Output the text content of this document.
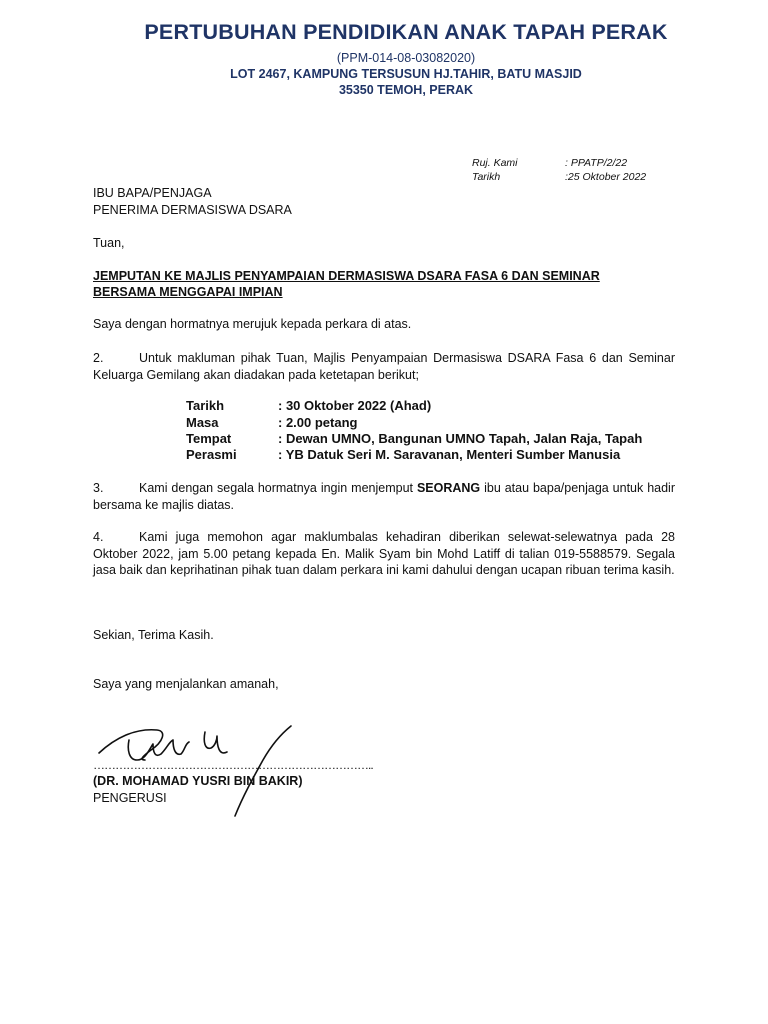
PERTUBUHAN PENDIDIKAN ANAK TAPAH PERAK
(PPM-014-08-03082020)
LOT 2467, KAMPUNG TERSUSUN HJ.TAHIR, BATU MASJID
35350 TEMOH, PERAK
Ruj. Kami	: PPATP/2/22
Tarikh	:25 Oktober 2022
IBU BAPA/PENJAGA
PENERIMA DERMASISWA DSARA
Tuan,
JEMPUTAN KE MAJLIS PENYAMPAIAN DERMASISWA DSARA FASA 6 DAN SEMINAR BERSAMA MENGGAPAI IMPIAN
Saya dengan hormatnya merujuk kepada perkara di atas.
2.	Untuk makluman pihak Tuan, Majlis Penyampaian Dermasiswa DSARA Fasa 6 dan Seminar Keluarga Gemilang akan diadakan pada ketetapan berikut;
Tarikh	: 30 Oktober 2022 (Ahad)
Masa	: 2.00 petang
Tempat	: Dewan UMNO, Bangunan UMNO Tapah, Jalan Raja, Tapah
Perasmi	: YB Datuk Seri M. Saravanan, Menteri Sumber Manusia
3.	Kami dengan segala hormatnya ingin menjemput SEORANG ibu atau bapa/penjaga untuk hadir bersama ke majlis diatas.
4.	Kami juga memohon agar maklumbalas kehadiran diberikan selewat-selewatnya pada 28 Oktober 2022, jam 5.00 petang kepada En. Malik Syam bin Mohd Latiff di talian 019-5588579. Segala jasa baik dan keprihatinan pihak tuan dalam perkara ini kami dahului dengan ucapan ribuan terima kasih.
Sekian, Terima Kasih.
Saya yang menjalankan amanah,
…………………………………………………………………..
(DR. MOHAMAD YUSRI BIN BAKIR)
PENGERUSI
